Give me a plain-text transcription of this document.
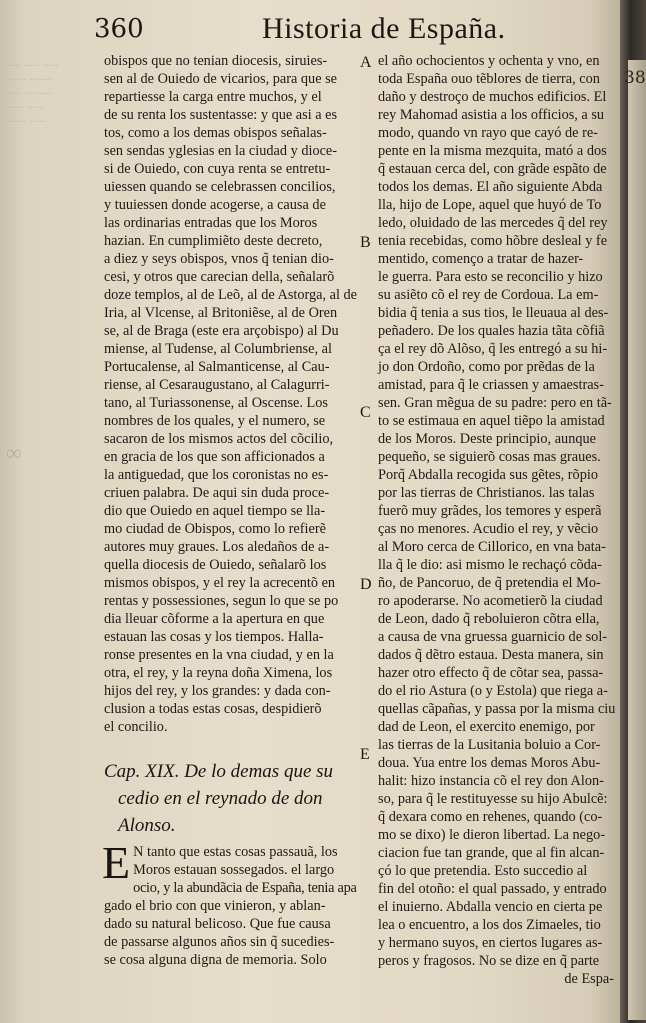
···· ····· ·····
······ ·······
···· ·· ······
····· ·····
······ ·····
∞
360	Historia de España.
A
B
C
D
E
obispos que no tenian diocesis, siruies-
sen al de Ouiedo de vicarios, para que se
repartiesse la carga entre muchos, y el
de su renta los sustentasse: y que asi a es
tos, como a los demas obispos señalas-
sen sendas yglesias en la ciudad y dioce-
si de Ouiedo, con cuya renta se entretu-
uiessen quando se celebrassen concilios,
y tuuiessen donde acogerse, a causa de
las ordinarias entradas que los Moros
hazian. En cumplimiẽto deste decreto,
a diez y seys obispos, vnos q̃ tenian dio-
cesi, y otros que carecian della, señalarõ
doze templos, al de Leõ, al de Astorga, al de
Iria, al Vlcense, al Britoniẽse, al de Oren
se, al de Braga (este era arçobispo) al Du
miense, al Tudense, al Columbriense, al
Portucalense, al Salmanticense, al Cau-
riense, al Cesaraugustano, al Calagurri-
tano, al Turiassonense, al Oscense. Los
nombres de los quales, y el numero, se
sacaron de los mismos actos del cõcilio,
en gracia de los que son afficionados a
la antiguedad, que los coronistas no es-
criuen palabra. De aqui sin duda proce-
dio que Ouiedo en aquel tiempo se lla-
mo ciudad de Obispos, como lo refierẽ
autores muy graues. Los aledaños de a-
quella diocesis de Ouiedo, señalarõ los
mismos obispos, y el rey la acrecentõ en
rentas y possessiones, segun lo que se po
dia lleuar cõforme a la apertura en que
estauan las cosas y los tiempos. Halla-
ronse presentes en la vna ciudad, y en la
otra, el rey, y la reyna doña Ximena, los
hijos del rey, y los grandes: y dada con-
clusion a todas estas cosas, despidierõ
el concilio.
Cap. XIX. De lo demas que su
cedio en el reynado de don
Alonso.
E N tanto que estas cosas passauã, los
Moros estauan sossegados. el largo
ocio, y la abundãcia de España, tenia apa
gado el brio con que vinieron, y ablan-
dado su natural belicoso. Que fue causa
de passarse algunos años sin q̃ sucedies-
se cosa alguna digna de memoria. Solo
el año ochocientos y ochenta y vno, en
toda España ouo tẽblores de tierra, con
daño y destroço de muchos edificios. El
rey Mahomad asistia a los officios, a su
modo, quando vn rayo que cayó de re-
pente en la misma mezquita, mató a dos
q̃ estauan cerca del, con grãde espãto de
todos los demas. El año siguiente Abda
lla, hijo de Lope, aquel que huyó de To
ledo, oluidado de las mercedes q̃ del rey
tenia recebidas, como hõbre desleal y fe
mentido, començo a tratar de hazer-
le guerra. Para esto se reconcilio y hizo
su asiẽto cõ el rey de Cordoua. La em-
bidia q̃ tenia a sus tios, le lleuaua al des-
peñadero. De los quales hazia tãta cõfiã
ça el rey dõ Alõso, q̃ les entregó a su hi-
jo don Ordoño, como por prẽdas de la
amistad, para q̃ le criassen y amaestras-
sen. Gran mẽgua de su padre: pero en tã-
to se estimaua en aquel tiẽpo la amistad
de los Moros. Deste principio, aunque
pequeño, se siguierõ cosas mas graues.
Porq̃ Abdalla recogida sus gẽtes, rõpio
por las tierras de Christianos. las talas
fuerõ muy grãdes, los temores y esperã
ças no menores. Acudio el rey, y vẽcio
al Moro cerca de Cillorico, en vna bata-
lla q̃ le dio: asi mismo le rechaçó cõda-
ño, de Pancoruo, de q̃ pretendia el Mo-
ro apoderarse. No acometierõ la ciudad
de Leon, dado q̃ reboluieron cõtra ella,
a causa de vna gruessa guarnicio de sol-
dados q̃ dẽtro estaua. Desta manera, sin
hazer otro effecto q̃ de cõtar sea, passa-
do el rio Astura (o y Estola) que riega a-
quellas cãpañas, y passa por la misma ciu
dad de Leon, el exercito enemigo, por
las tierras de la Lusitania boluio a Cor-
doua. Yua entre los demas Moros Abu-
halit: hizo instancia cõ el rey don Alon-
so, para q̃ le restituyesse su hijo Abulcẽ:
q̃ dexara como en rehenes, quando (co-
mo se dixo) le dieron libertad. La nego-
ciacion fue tan grande, que al fin alcan-
çó lo que pretendia. Esto succedio al
fin del otoño: el qual passado, y entrado
el inuierno. Abdalla vencio en cierta pe
lea o encuentro, a los dos Zimaeles, tio
y hermano suyos, en ciertos lugares as-
peros y fragosos. No se dize en q̃ parte
de Espa-
38
